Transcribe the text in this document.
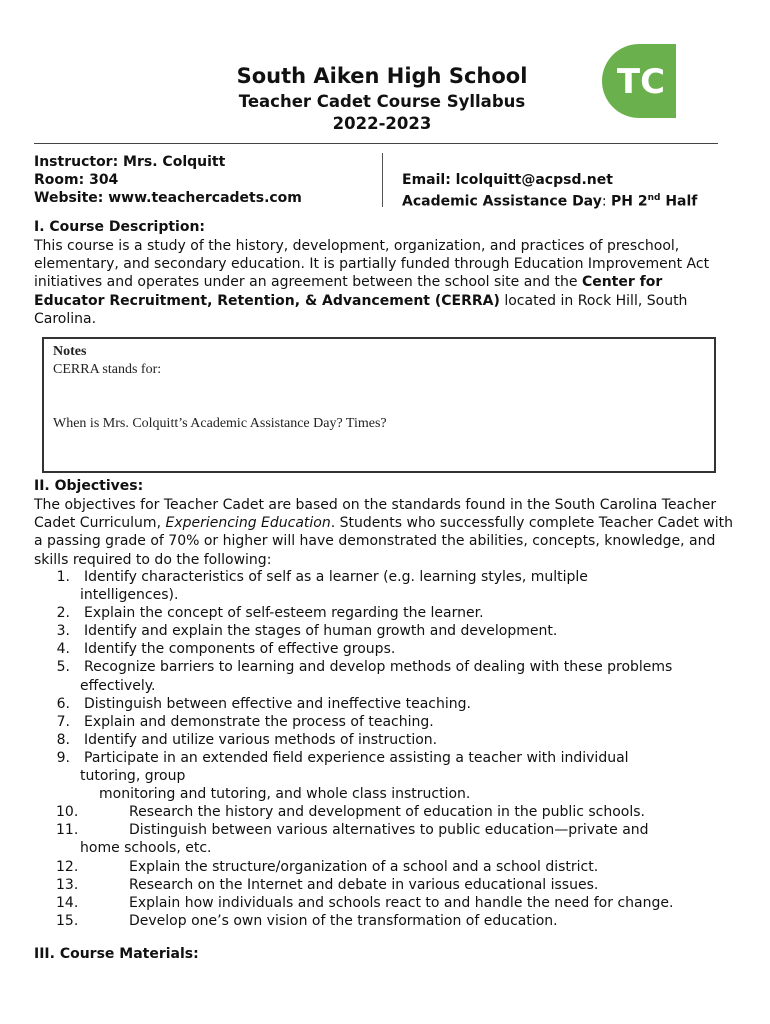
South Aiken High School
Teacher Cadet Course Syllabus
2022-2023
TC
Instructor: Mrs. Colquitt
Room: 304
Website: www.teachercadets.com
Email: lcolquitt@acpsd.net
Academic Assistance Day: PH 2nd Half
I. Course Description:
This course is a study of the history, development, organization, and practices of preschool, elementary, and secondary education. It is partially funded through Education Improvement Act initiatives and operates under an agreement between the school site and the Center for Educator Recruitment, Retention, & Advancement (CERRA) located in Rock Hill, South Carolina.
Notes
CERRA stands for:
When is Mrs. Colquitt’s Academic Assistance Day? Times?
II. Objectives:
The objectives for Teacher Cadet are based on the standards found in the South Carolina Teacher Cadet Curriculum, Experiencing Education. Students who successfully complete Teacher Cadet with a passing grade of 70% or higher will have demonstrated the abilities, concepts, knowledge, and skills required to do the following:
1.	Identify characteristics of self as a learner (e.g. learning styles, multiple
intelligences).
2.	Explain the concept of self-esteem regarding the learner.
3.	Identify and explain the stages of human growth and development.
4.	Identify the components of effective groups.
5.	Recognize barriers to learning and develop methods of dealing with these problems
effectively.
6.	Distinguish between effective and ineffective teaching.
7.	Explain and demonstrate the process of teaching.
8.	Identify and utilize various methods of instruction.
9.	Participate in an extended field experience assisting a teacher with individual
tutoring, group
monitoring and tutoring, and whole class instruction.
10.	Research the history and development of education in the public schools.
11.	Distinguish between various alternatives to public education—private and
home schools, etc.
12.	Explain the structure/organization of a school and a school district.
13.	Research on the Internet and debate in various educational issues.
14.	Explain how individuals and schools react to and handle the need for change.
15.	Develop one’s own vision of the transformation of education.
III. Course Materials:
